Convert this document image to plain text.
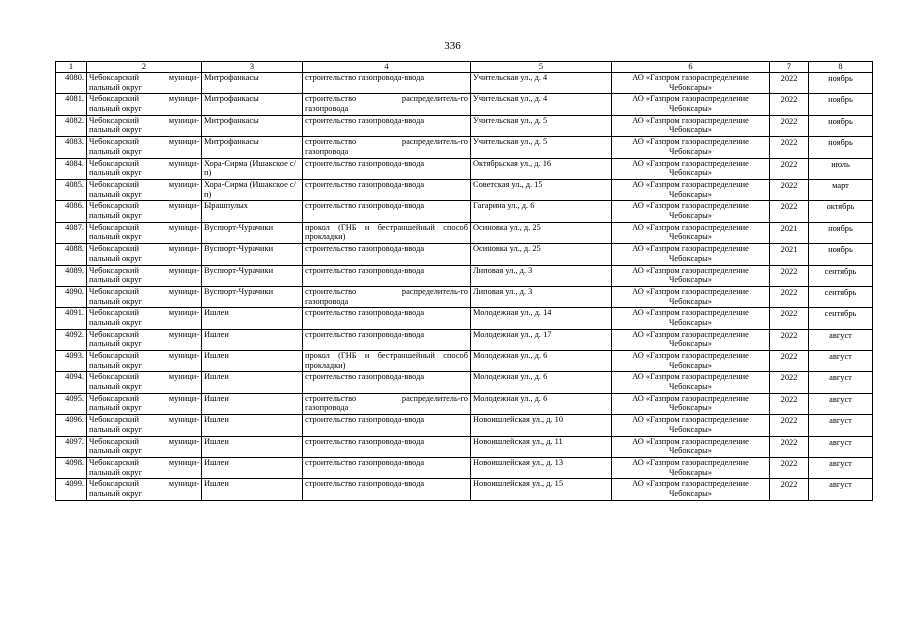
336
1	2	3	4	5	6	7	8
4080.	Чебоксарский муници-пальный округ	Митрофанкасы	строительство газопровода-ввода	Учительская ул., д. 4	АО «Газпром газораспределение Чебоксары»	2022	ноябрь
4081.	Чебоксарский муници-пальный округ	Митрофанкасы	строительство распределитель-го газопровода	Учительская ул., д. 4	АО «Газпром газораспределение Чебоксары»	2022	ноябрь
4082.	Чебоксарский муници-пальный округ	Митрофанкасы	строительство газопровода-ввода	Учительская ул., д. 5	АО «Газпром газораспределение Чебоксары»	2022	ноябрь
4083.	Чебоксарский муници-пальный округ	Митрофанкасы	строительство распределитель-го газопровода	Учительская ул., д. 5	АО «Газпром газораспределение Чебоксары»	2022	ноябрь
4084.	Чебоксарский муници-пальный округ	Хора-Сирма (Ишакское с/п)	строительство газопровода-ввода	Октябрьская ул., д. 16	АО «Газпром газораспределение Чебоксары»	2022	июль
4085.	Чебоксарский муници-пальный округ	Хора-Сирма (Ишакское с/п)	строительство газопровода-ввода	Советская ул., д. 15	АО «Газпром газораспределение Чебоксары»	2022	март
4086.	Чебоксарский муници-пальный округ	Ырашпулых	строительство газопровода-ввода	Гагарина ул., д. 6	АО «Газпром газораспределение Чебоксары»	2022	октябрь
4087.	Чебоксарский муници-пальный округ	Вуспюрт-Чурачики	прокол (ГНБ и бестраншейный способ прокладки)	Осиновка ул., д. 25	АО «Газпром газораспределение Чебоксары»	2021	ноябрь
4088.	Чебоксарский муници-пальный округ	Вуспюрт-Чурачики	строительство газопровода-ввода	Осиновка ул., д. 25	АО «Газпром газораспределение Чебоксары»	2021	ноябрь
4089.	Чебоксарский муници-пальный округ	Вуспюрт-Чурачики	строительство газопровода-ввода	Липовая ул., д. 3	АО «Газпром газораспределение Чебоксары»	2022	сентябрь
4090.	Чебоксарский муници-пальный округ	Вуспюрт-Чурачики	строительство распределитель-го газопровода	Липовая ул., д. 3	АО «Газпром газораспределение Чебоксары»	2022	сентябрь
4091.	Чебоксарский муници-пальный округ	Ишлеи	строительство газопровода-ввода	Молодежная ул., д. 14	АО «Газпром газораспределение Чебоксары»	2022	сентябрь
4092.	Чебоксарский муници-пальный округ	Ишлеи	строительство газопровода-ввода	Молодежная ул., д. 17	АО «Газпром газораспределение Чебоксары»	2022	август
4093.	Чебоксарский муници-пальный округ	Ишлеи	прокол (ГНБ и бестраншейный способ прокладки)	Молодежная ул., д. 6	АО «Газпром газораспределение Чебоксары»	2022	август
4094.	Чебоксарский муници-пальный округ	Ишлеи	строительство газопровода-ввода	Молодежная ул., д. 6	АО «Газпром газораспределение Чебоксары»	2022	август
4095.	Чебоксарский муници-пальный округ	Ишлеи	строительство распределитель-го газопровода	Молодежная ул., д. 6	АО «Газпром газораспределение Чебоксары»	2022	август
4096.	Чебоксарский муници-пальный округ	Ишлеи	строительство газопровода-ввода	Новоишлейская ул., д. 10	АО «Газпром газораспределение Чебоксары»	2022	август
4097.	Чебоксарский муници-пальный округ	Ишлеи	строительство газопровода-ввода	Новоишлейская ул., д. 11	АО «Газпром газораспределение Чебоксары»	2022	август
4098.	Чебоксарский муници-пальный округ	Ишлеи	строительство газопровода-ввода	Новоишлейская ул., д. 13	АО «Газпром газораспределение Чебоксары»	2022	август
4099.	Чебоксарский муници-пальный округ	Ишлеи	строительство газопровода-ввода	Новоишлейская ул., д. 15	АО «Газпром газораспределение Чебоксары»	2022	август
